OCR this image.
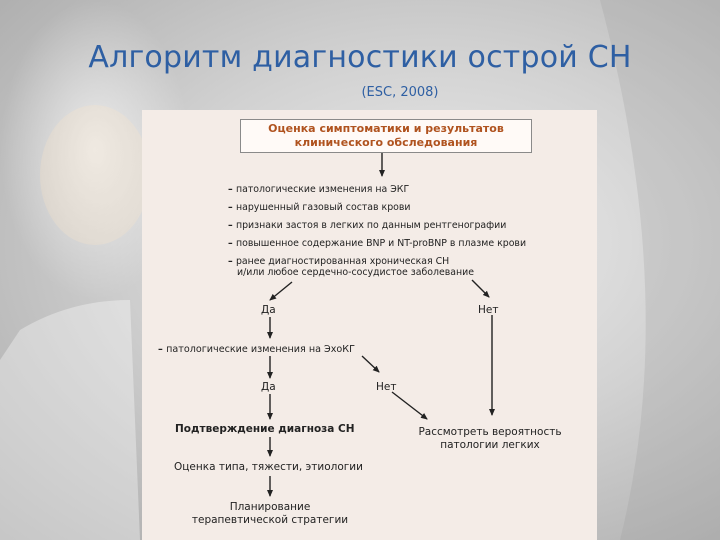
Алгоритм диагностики острой СН
(ESC, 2008)
Оценка симптоматики и результатов
клинического обследования
– патологические изменения на ЭКГ
– нарушенный газовый состав крови
– признаки застоя в легких по данным рентгенографии
– повышенное содержание BNP и NT-proBNP в плазме крови
– ранее диагностированная хроническая СН
и/или любое сердечно-сосудистое заболевание
Да	Нет
– патологические изменения на ЭхоКГ
Да	Нет
Подтверждение диагноза СН	Рассмотреть вероятность
патологии легких
Оценка типа, тяжести, этиологии
Планирование
терапевтической стратегии
